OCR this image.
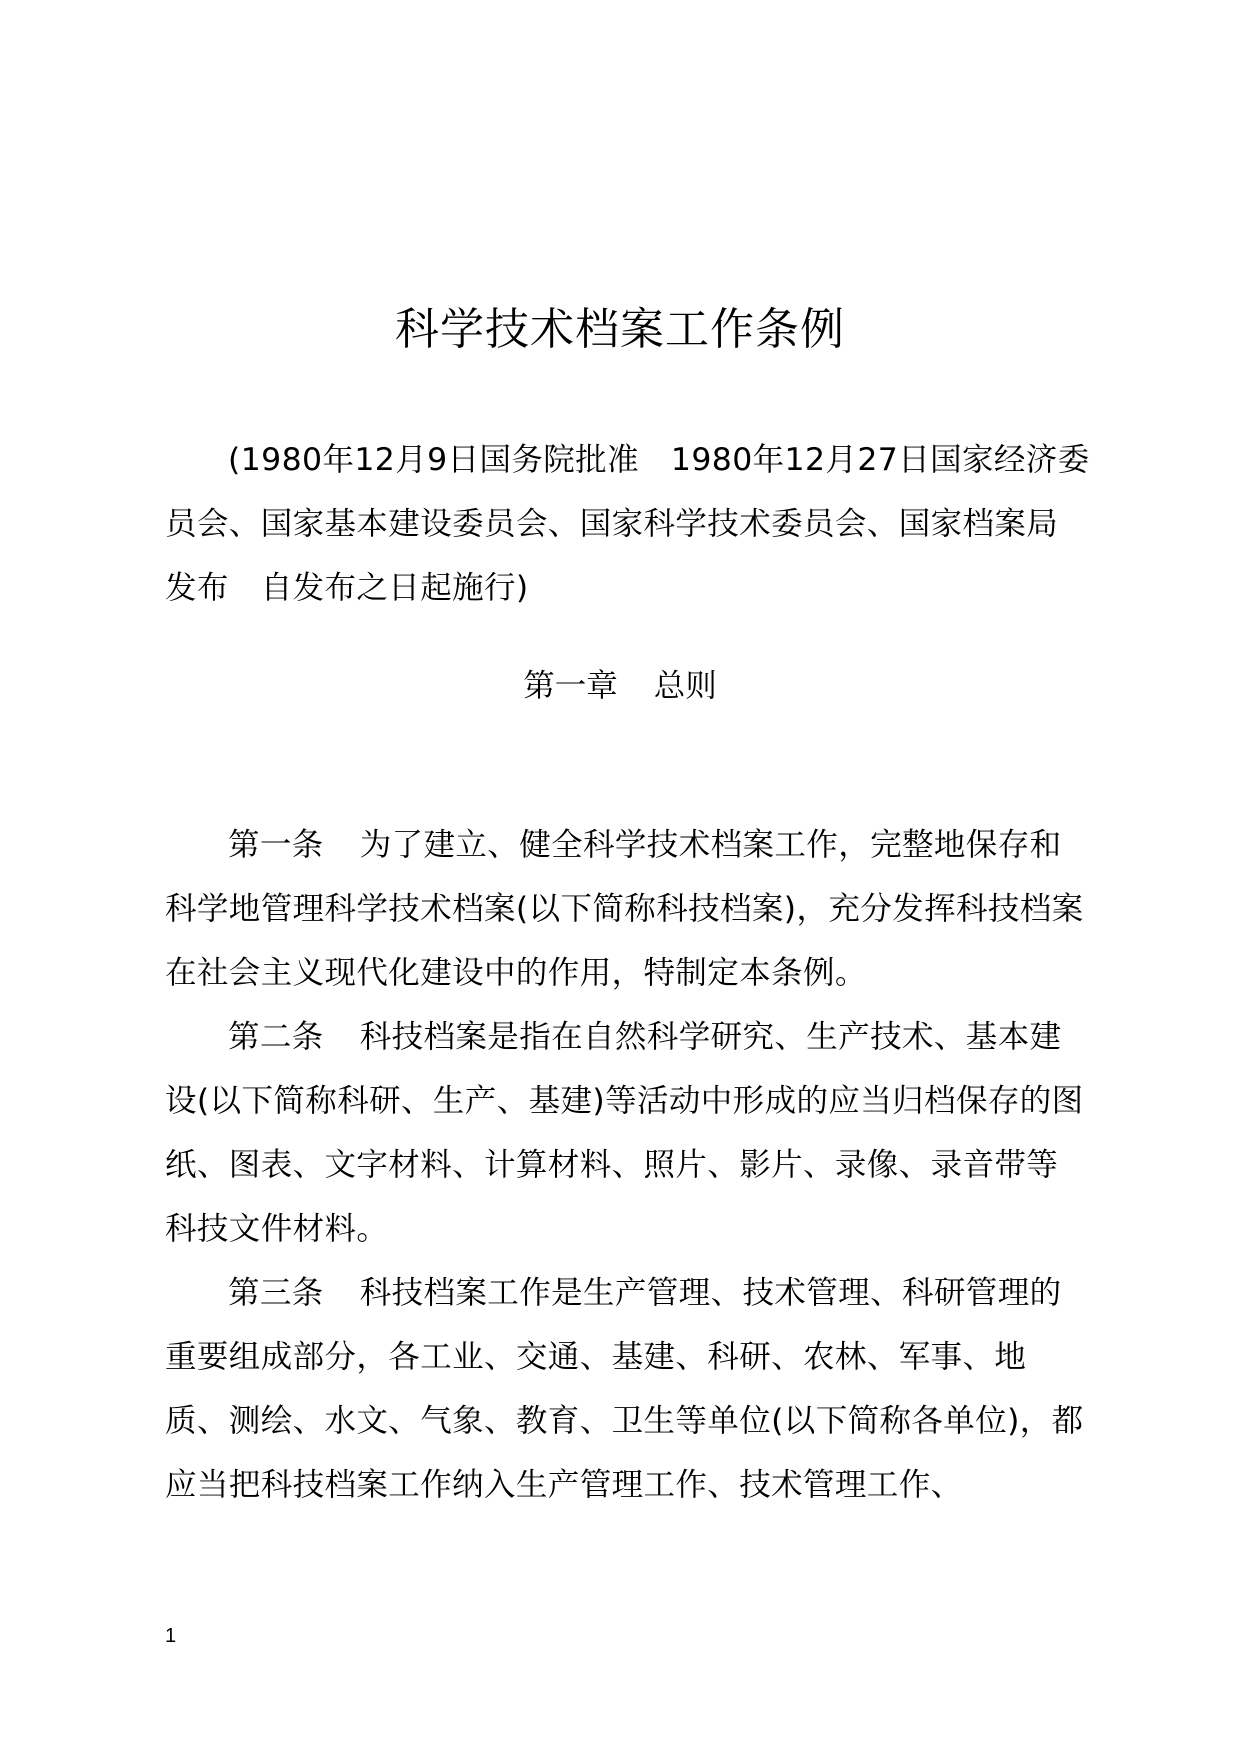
科学技术档案工作条例

(1980年12月9日国务院批准　1980年12月27日国家经济委员会、国家基本建设委员会、国家科学技术委员会、国家档案局发布　自发布之日起施行)

第一章 总则

第一条 为了建立、健全科学技术档案工作，完整地保存和科学地管理科学技术档案(以下简称科技档案)，充分发挥科技档案在社会主义现代化建设中的作用，特制定本条例。

第二条 科技档案是指在自然科学研究、生产技术、基本建设(以下简称科研、生产、基建)等活动中形成的应当归档保存的图纸、图表、文字材料、计算材料、照片、影片、录像、录音带等科技文件材料。

第三条 科技档案工作是生产管理、技术管理、科研管理的重要组成部分，各工业、交通、基建、科研、农林、军事、地质、测绘、水文、气象、教育、卫生等单位(以下简称各单位)，都应当把科技档案工作纳入生产管理工作、技术管理工作、

1
